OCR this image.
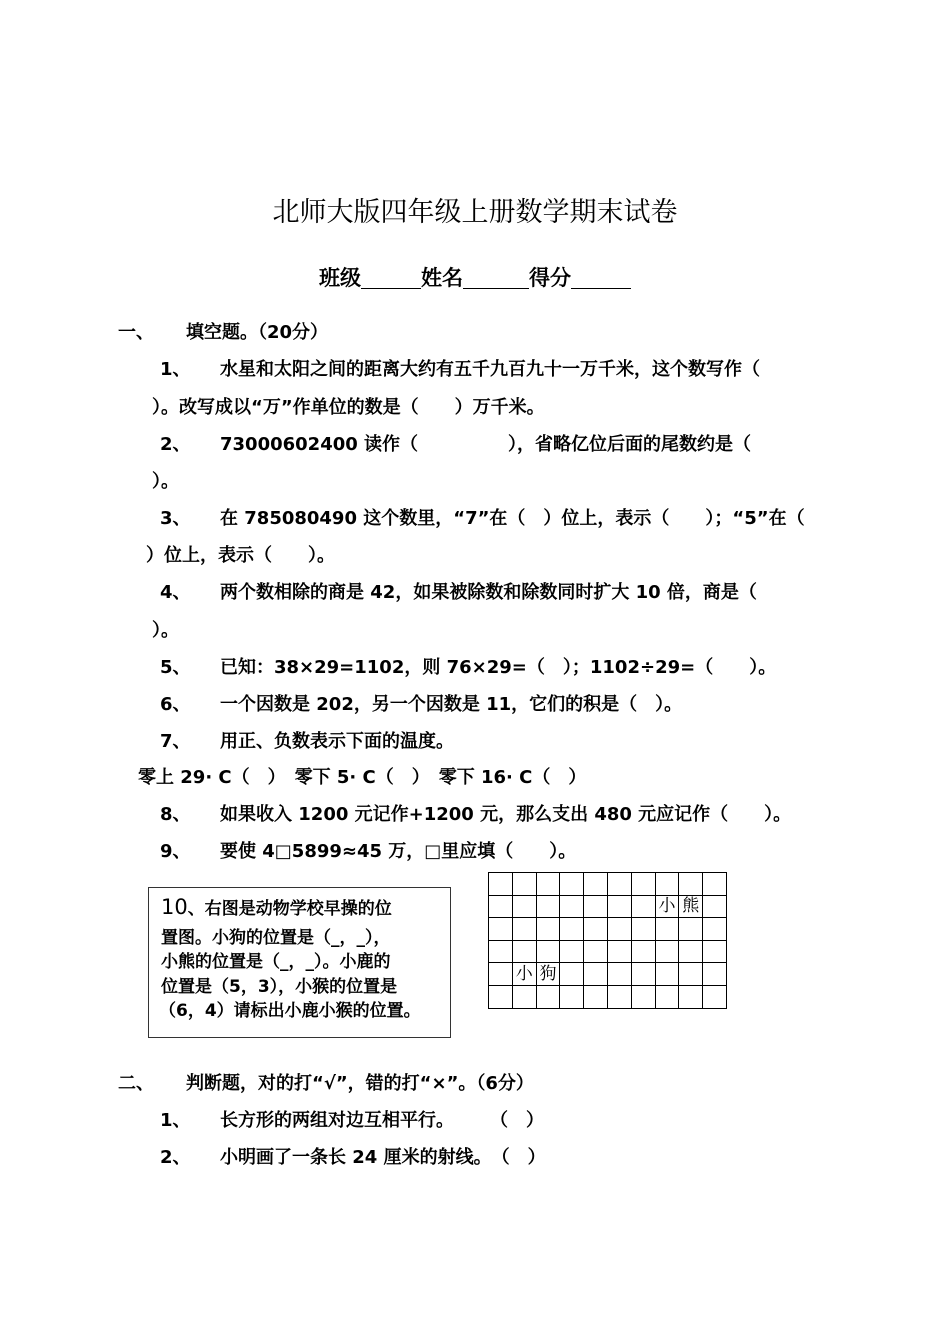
北师大版四年级上册数学期末试卷
班级	姓名	得分
一、 填空题。（20分）
1、 水星和太阳之间的距离大约有五千九百九十一万千米，这个数写作（
）。改写成以“万”作单位的数是（　　）万千米。
2、 73000602400 读作（　　　　　），省略亿位后面的尾数约是（
）。
3、 在 785080490 这个数里，“7”在（　）位上，表示（　　）；“5”在（
）位上，表示（　　）。
4、 两个数相除的商是 42，如果被除数和除数同时扩大 10 倍，商是（
）。
5、 已知：38×29=1102，则 76×29=（　）；1102÷29=（　　）。
6、 一个因数是 202，另一个因数是 11，它们的积是（　）。
7、 用正、负数表示下面的温度。
零上 29· C（　）　零下 5· C（　）　零下 16· C（　）
8、 如果收入 1200 元记作+1200 元，那么支出 480 元应记作（　　）。
9、 要使 4□5899≈45 万，□里应填（　　）。
10、右图是动物学校早操的位
置图。小狗的位置是（_，_），
小熊的位置是（_，_）。小鹿的
位置是（5，3），小猴的位置是
（6，4）请标出小鹿小猴的位置。

							小	熊	

	小	狗							

二、 判断题，对的打“√”，错的打“×”。（6分）
1、 长方形的两组对边互相平行。　　　（　）
2、 小明画了一条长 24 厘米的射线。　（　）
